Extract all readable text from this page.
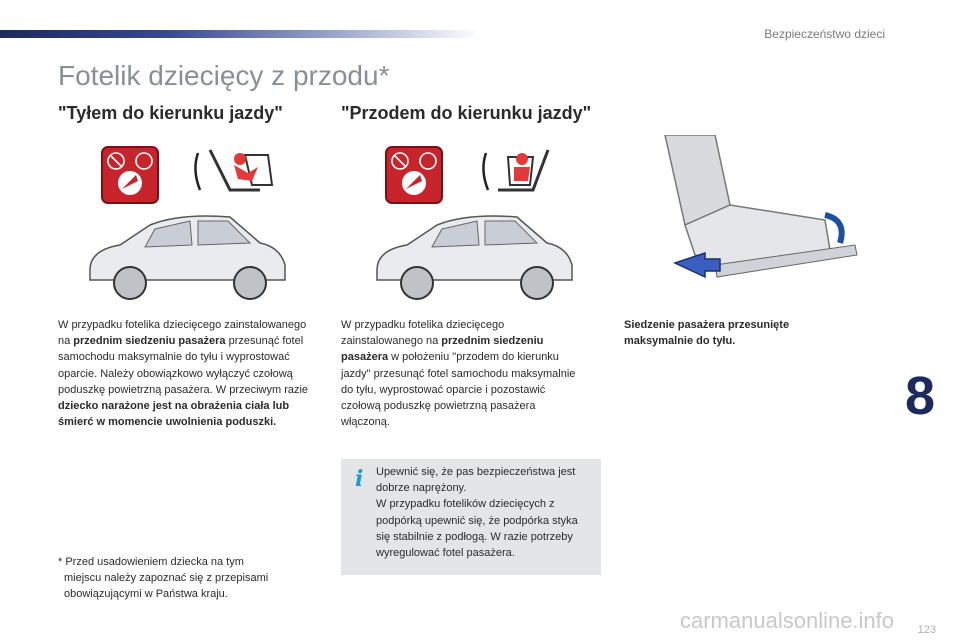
Bezpieczeństwo dzieci
Fotelik dziecięcy z przodu*
"Tyłem do kierunku jazdy"	"Przodem do kierunku jazdy"
W przypadku fotelika dziecięcego zainstalowanego na przednim siedzeniu pasażera przesunąć fotel samochodu maksymalnie do tyłu i wyprostować oparcie. Należy obowiązkowo wyłączyć czołową poduszkę powietrzną pasażera. W przeciwym razie dziecko narażone jest na obrażenia ciała lub śmierć w momencie uwolnienia poduszki.
W przypadku fotelika dziecięcego zainstalowanego na przednim siedzeniu pasażera w położeniu "przodem do kierunku jazdy" przesunąć fotel samochodu maksymalnie do tyłu, wyprostować oparcie i pozostawić czołową poduszkę powietrzną pasażera włączoną.
Siedzenie pasażera przesunięte maksymalnie do tyłu.
i Upewnić się, że pas bezpieczeństwa jest dobrze naprężony.
W przypadku fotelików dziecięcych z podpórką upewnić się, że podpórka styka się stabilnie z podłogą. W razie potrzeby wyregulować fotel pasażera.
* Przed usadowieniem dziecka na tym
miejscu należy zapoznać się z przepisami
obowiązującymi w Państwa kraju.
8
123
carmanualsonline.info
